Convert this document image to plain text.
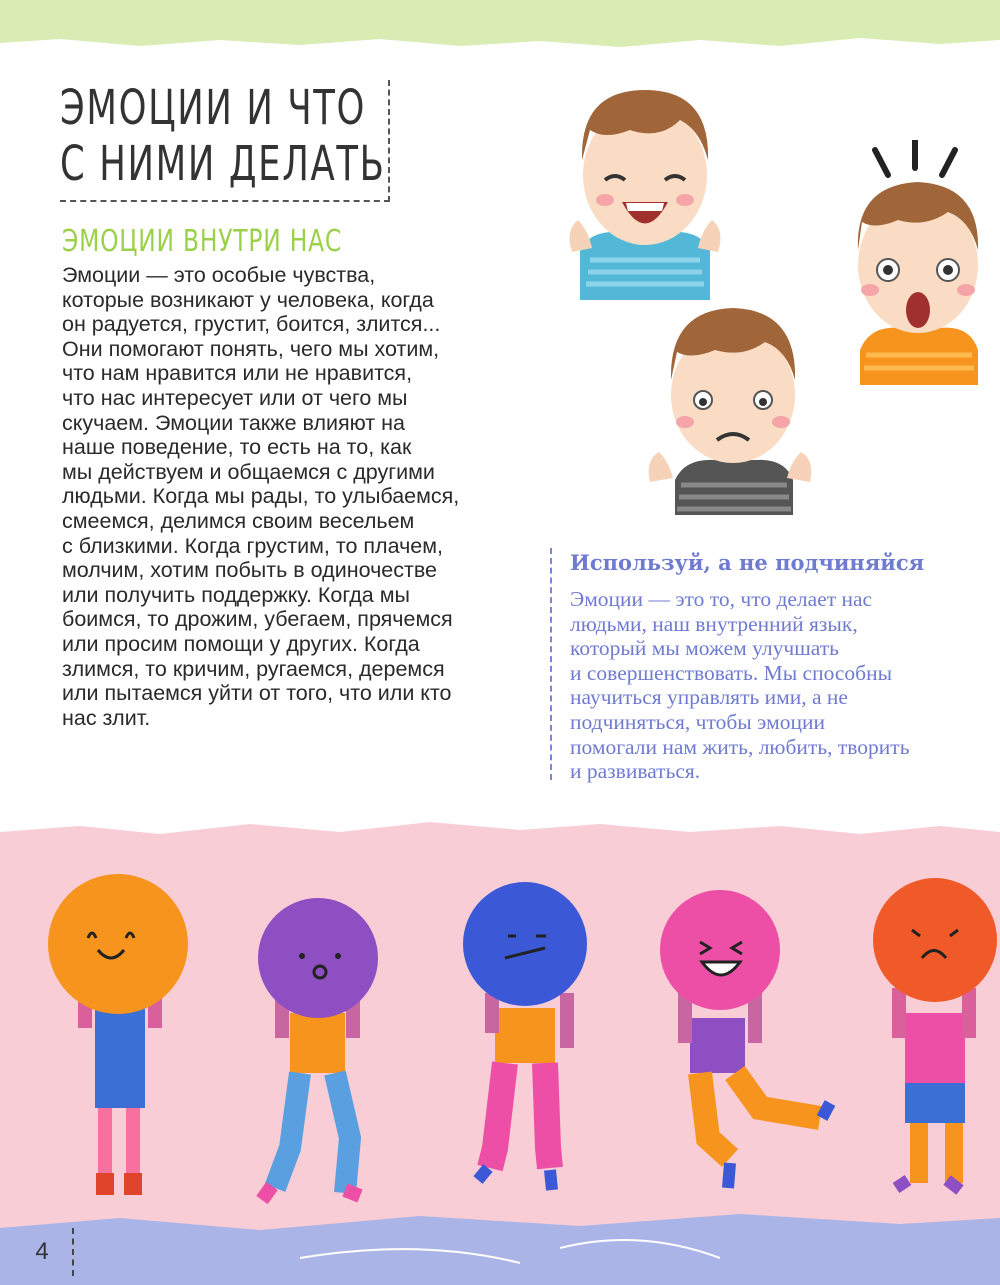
ЭМОЦИИ И ЧТО
С НИМИ ДЕЛАТЬ
ЭМОЦИИ ВНУТРИ НАС
Эмоции — это особые чувства,
которые возникают у человека, когда
он радуется, грустит, боится, злится...
Они помогают понять, чего мы хотим,
что нам нравится или не нравится,
что нас интересует или от чего мы
скучаем. Эмоции также влияют на
наше поведение, то есть на то, как
мы действуем и общаемся с другими
людьми. Когда мы рады, то улыбаемся,
смеемся, делимся своим весельем
с близкими. Когда грустим, то плачем,
молчим, хотим побыть в одиночестве
или получить поддержку. Когда мы
боимся, то дрожим, убегаем, прячемся
или просим помощи у других. Когда
злимся, то кричим, ругаемся, деремся
или пытаемся уйти от того, что или кто
нас злит.
Используй, а не подчиняйся
Эмоции — это то, что делает нас
людьми, наш внутренний язык,
который мы можем улучшать
и совершенствовать. Мы способны
научиться управлять ими, а не
подчиняться, чтобы эмоции
помогали нам жить, любить, творить
и развиваться.
4
